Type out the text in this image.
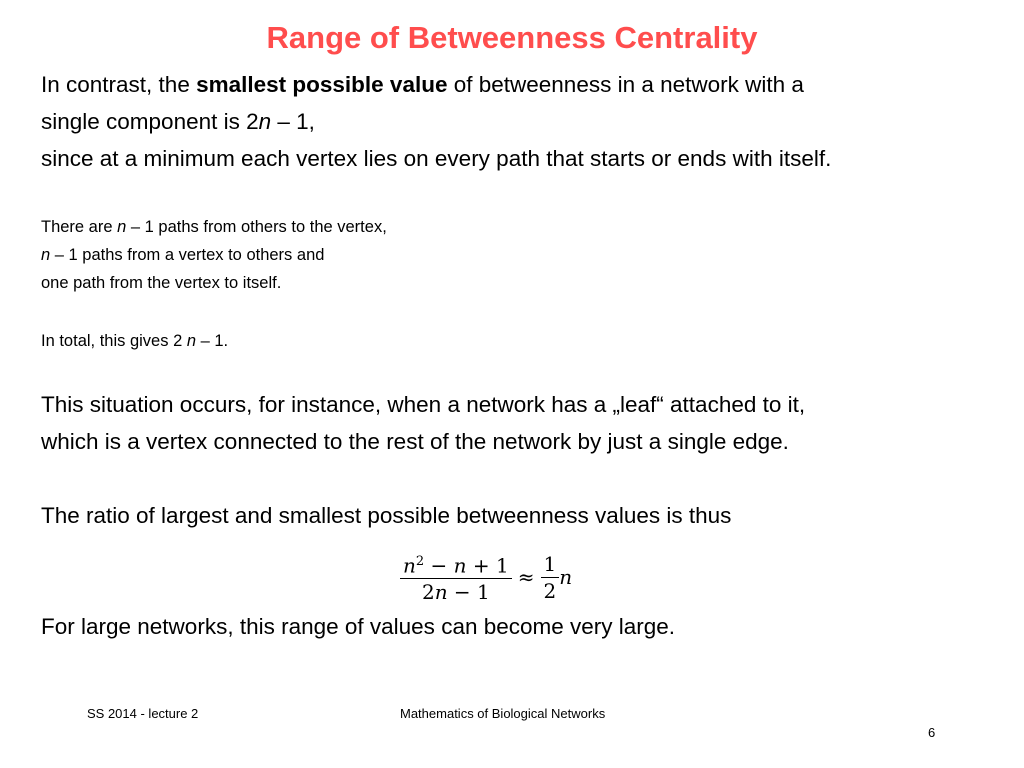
Range of Betweenness Centrality
In contrast, the smallest possible value of betweenness in a network with a
single component is 2n – 1,
since at a minimum each vertex lies on every path that starts or ends with itself.
There are n – 1 paths from others to the vertex,
n – 1 paths from a vertex to others and
one path from the vertex to itself.
In total, this gives 2 n – 1.
This situation occurs, for instance, when a network has a „leaf“ attached to it,
which is a vertex connected to the rest of the network by just a single edge.
The ratio of largest and smallest possible betweenness values is thus
$\frac{n^2 - n + 1}{2n - 1} \approx \frac{1}{2}$ n
For large networks, this range of values can become very large.
SS 2014 - lecture 2	Mathematics of Biological Networks
6
